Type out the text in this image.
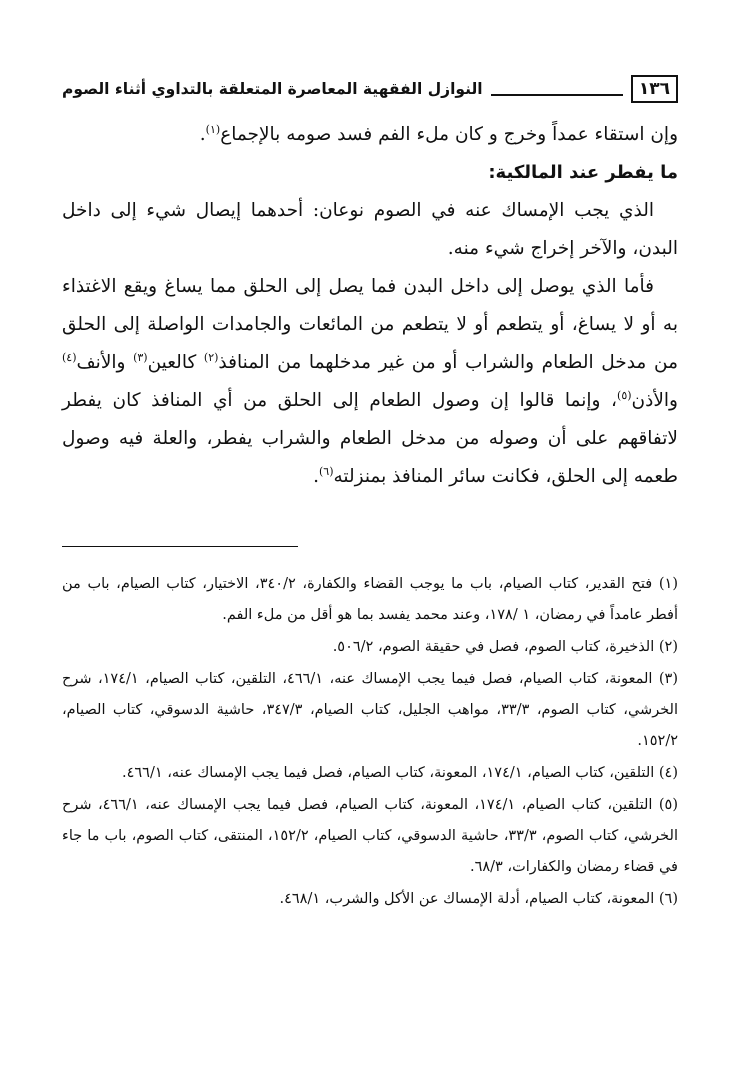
١٣٦
النوازل الفقهية المعاصرة المتعلقة بالتداوي أثناء الصوم

وإن استقاء عمداً وخرج و كان ملء الفم فسد صومه بالإجماع$^{(١)}$.

ما يفطر عند المالكية:

الذي يجب الإمساك عنه في الصوم نوعان: أحدهما إيصال شيء إلى داخل البدن، والآخر إخراج شيء منه.

فأما الذي يوصل إلى داخل البدن فما يصل إلى الحلق مما يساغ ويقع الاغتذاء به أو لا يساغ، أو يتطعم أو لا يتطعم من المائعات والجامدات الواصلة إلى الحلق من مدخل الطعام والشراب أو من غير مدخلهما من المنافذ$^{(٢)}$ كالعين$^{(٣)}$ والأنف$^{(٤)}$ والأذن$^{(٥)}$، وإنما قالوا إن وصول الطعام إلى الحلق من أي المنافذ كان يفطر لاتفاقهم على أن وصوله من مدخل الطعام والشراب يفطر، والعلة فيه وصول طعمه إلى الحلق، فكانت سائر المنافذ بمنزلته$^{(٦)}$.

(١) فتح القدير، كتاب الصيام، باب ما يوجب القضاء والكفارة، ٣٤٠/٢، الاختيار، كتاب الصيام، باب من أفطر عامداً في رمضان، ١ /١٧٨، وعند محمد يفسد بما هو أقل من ملء الفم.

(٢) الذخيرة، كتاب الصوم، فصل في حقيقة الصوم، ٥٠٦/٢.

(٣) المعونة، كتاب الصيام، فصل فيما يجب الإمساك عنه، ٤٦٦/١، التلقين، كتاب الصيام، ١٧٤/١، شرح الخرشي، كتاب الصوم، ٣٣/٣، مواهب الجليل، كتاب الصيام، ٣٤٧/٣، حاشية الدسوقي، كتاب الصيام، ١٥٢/٢.

(٤) التلقين، كتاب الصيام، ١٧٤/١، المعونة، كتاب الصيام، فصل فيما يجب الإمساك عنه، ٤٦٦/١.

(٥) التلقين، كتاب الصيام، ١٧٤/١، المعونة، كتاب الصيام، فصل فيما يجب الإمساك عنه، ٤٦٦/١، شرح الخرشي، كتاب الصوم، ٣٣/٣، حاشية الدسوقي، كتاب الصيام، ١٥٢/٢، المنتقى، كتاب الصوم، باب ما جاء في قضاء رمضان والكفارات، ٦٨/٣.

(٦) المعونة، كتاب الصيام، أدلة الإمساك عن الأكل والشرب، ٤٦٨/١.
